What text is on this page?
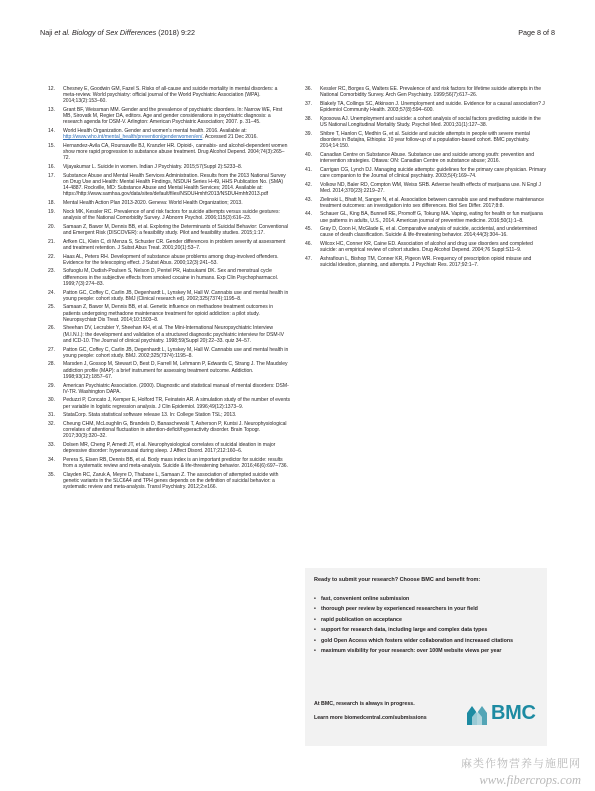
Naji et al. Biology of Sex Differences (2018) 9:22	Page 8 of 8
12. Chesney E, Goodwin GM, Fazel S. Risks of all-cause and suicide mortality in mental disorders: a meta-review. World psychiatry: official journal of the World Psychiatric Association (WPA). 2014;13(2):153–60.
13. Grant BF, Weissman MM. Gender and the prevalence of psychiatric disorders. In: Narrow WE, First MB, Sirovatk M, Regier DA, editors. Age and gender considerations in psychiatric diagnosis: a research agenda for DSM-V. Arlington: American Psychiatric Association; 2007. p. 31–45.
14. World Health Organization. Gender and women's mental health. 2016. Available at: http://www.who.int/mental_health/prevention/genderwomen/en/. Accessed 21 Dec 2016.
15. Hernandez-Avila CA, Rounsaville BJ, Kranzler HR. Opioid-, cannabis- and alcohol-dependent women show more rapid progression to substance abuse treatment. Drug Alcohol Depend. 2004;74(3):265–72.
16. Vijayakumar L. Suicide in women. Indian J Psychiatry. 2015;57(Suppl 2):S233–8.
17. Substance Abuse and Mental Health Services Administration. Results from the 2013 National Survey on Drug Use and Health: Mental Health Findings, NSDUH Series H-49, HHS Publication No. (SMA) 14-4887. Rockville, MD: Substance Abuse and Mental Health Services; 2014. Available at: https://http://www.samhsa.gov/data/sites/default/files/NSDUHmhfr2013/NSDUHmhfr2013.pdf
18. Mental Health Action Plan 2013-2020. Geneva: World Health Organization; 2013.
19. Nock MK, Kessler RC. Prevalence of and risk factors for suicide attempts versus suicide gestures: analysis of the National Comorbidity Survey. J Abnorm Psychol. 2006;115(3):616–23.
20. Samaan Z, Bawor M, Dennis BB, et al. Exploring the Determinants of Suicidal Behavior: Conventional and Emergent Risk (DISCOVER): a feasibility study. Pilot and feasibility studies. 2015;1:17.
21. Arfken CL, Klein C, di Menza S, Schuster CR. Gender differences in problem severity at assessment and treatment retention. J Subst Abus Treat. 2001;20(1):53–7.
22. Haas AL, Peters RH. Development of substance abuse problems among drug-involved offenders. Evidence for the telescoping effect. J Subst Abus. 2000;12(3):241–53.
23. Sofuoglu M, Dudish-Poulsen S, Nelson D, Pentel PR, Hatsukami DK. Sex and menstrual cycle differences in the subjective effects from smoked cocaine in humans. Exp Clin Psychopharmacol. 1999;7(3):274–83.
24. Patton GC, Coffey C, Carlin JB, Degenhardt L, Lynskey M, Hall W. Cannabis use and mental health in young people: cohort study. BMJ (Clinical research ed). 2002;325(7374):1195–8.
25. Samaan Z, Bawor M, Dennis BB, et al. Genetic influence on methadone treatment outcomes in patients undergoing methadone maintenance treatment for opioid addiction: a pilot study. Neuropsychiatr Dis Treat. 2014;10:1503–8.
26. Sheehan DV, Lecrubier Y, Sheehan KH, et al. The Mini-International Neuropsychiatric Interview (M.I.N.I.): the development and validation of a structured diagnostic psychiatric interview for DSM-IV and ICD-10. The Journal of clinical psychiatry. 1998;59(Suppl 20):22–33. quiz 34–57.
27. Patton GC, Coffey C, Carlin JB, Degenhardt L, Lynskey M, Hall W. Cannabis use and mental health in young people: cohort study. BMJ. 2002;325(7374):1195–8.
28. Marsden J, Gossop M, Stewart D, Best D, Farrell M, Lehmann P, Edwards C, Strang J. The Maudsley addiction profile (MAP): a brief instrument for assessing treatment outcome. Addiction. 1998;93(12):1857–67.
29. American Psychiatric Association. (2000). Diagnostic and statistical manual of mental disorders: DSM-IV-TR. Washington DAPA.
30. Peduzzi P, Concato J, Kemper E, Holford TR, Feinstein AR. A simulation study of the number of events per variable in logistic regression analysis. J Clin Epidemiol. 1996;49(12):1373–9.
31. StataCorp. Stata statistical software release 13. In: College Station TSL; 2013.
32. Cheung CHM, McLoughlin G, Brandeis D, Banaschewski T, Asherson P, Kuntsi J. Neurophysiological correlates of attentional fluctuation in attention-deficit/hyperactivity disorder. Brain Topogr. 2017;30(3):320–32.
33. Dolsen MR, Cheng P, Arnedt JT, et al. Neurophysiological correlates of suicidal ideation in major depressive disorder: hyperarousal during sleep. J Affect Disord. 2017;212:160–6.
34. Perera S, Eisen RB, Dennis BB, et al. Body mass index is an important predictor for suicide: results from a systematic review and meta-analysis. Suicide & life-threatening behavior. 2016;46(6):697–736.
35. Clayden RC, Zaruk A, Meyre D, Thabane L, Samaan Z. The association of attempted suicide with genetic variants in the SLC6A4 and TPH genes depends on the definition of suicidal behavior: a systematic review and meta-analysis. Transl Psychiatry. 2012;2:e166.
36. Kessler RC, Borges G, Walters EE. Prevalence of and risk factors for lifetime suicide attempts in the National Comorbidity Survey. Arch Gen Psychiatry. 1999;56(7):617–26.
37. Blakely TA, Collings SC, Atkinson J. Unemployment and suicide. Evidence for a causal association? J Epidemiol Community Health. 2003;57(8):594–600.
38. Kposowa AJ. Unemployment and suicide: a cohort analysis of social factors predicting suicide in the US National Longitudinal Mortality Study. Psychol Med. 2001;31(1):127–38.
39. Shibre T, Hanlon C, Medhin G, et al. Suicide and suicide attempts in people with severe mental disorders in Butajira, Ethiopia: 10 year follow-up of a population-based cohort. BMC psychiatry. 2014;14:150.
40. Canadian Centre on Substance Abuse. Substance use and suicide among youth: prevention and intervention strategies. Ottawa: ON: Canadian Centre on substance abuse; 2016.
41. Carrigan CG, Lynch DJ. Managing suicide attempts: guidelines for the primary care physician. Primary care companion to the Journal of clinical psychiatry. 2003;5(4):169–74.
42. Volkow ND, Baler RD, Compton WM, Weiss SRB. Adverse health effects of marijuana use. N Engl J Med. 2014;370(23):2219–27.
43. Zielinski L, Bhatt M, Sanger N, et al. Association between cannabis use and methadone maintenance treatment outcomes: an investigation into sex differences. Biol Sex Differ. 2017;8:8.
44. Schauer GL, King BA, Bunnell RE, Promoff G, Tokung MA. Vaping, eating for health or fun marijuana use patterns in adults, U.S., 2014. American journal of preventive medicine. 2016;50(1):1–8.
45. Gray D, Coon H, McGlade E, et al. Comparative analysis of suicide, accidental, and undetermined cause of death classification. Suicide & life-threatening behavior. 2014;44(3):304–16.
46. Wilcox HC, Conner KR, Caine ED. Association of alcohol and drug use disorders and completed suicide: an empirical review of cohort studies. Drug Alcohol Depend. 2004;76 Suppl:S11–9.
47. Ashrafioun L, Bishop TM, Conner KR, Pigeon WR. Frequency of prescription opioid misuse and suicidal ideation, planning, and attempts. J Psychiatr Res. 2017;92:1–7.
Ready to submit your research? Choose BMC and benefit from:
• fast, convenient online submission
• thorough peer review by experienced researchers in your field
• rapid publication on acceptance
• support for research data, including large and complex data types
• gold Open Access which fosters wider collaboration and increased citations
• maximum visibility for your research: over 100M website views per year
At BMC, research is always in progress.
Learn more biomedcentral.com/submissions	BMC
麻类作物营养与施肥网
www.fibercrops.com
